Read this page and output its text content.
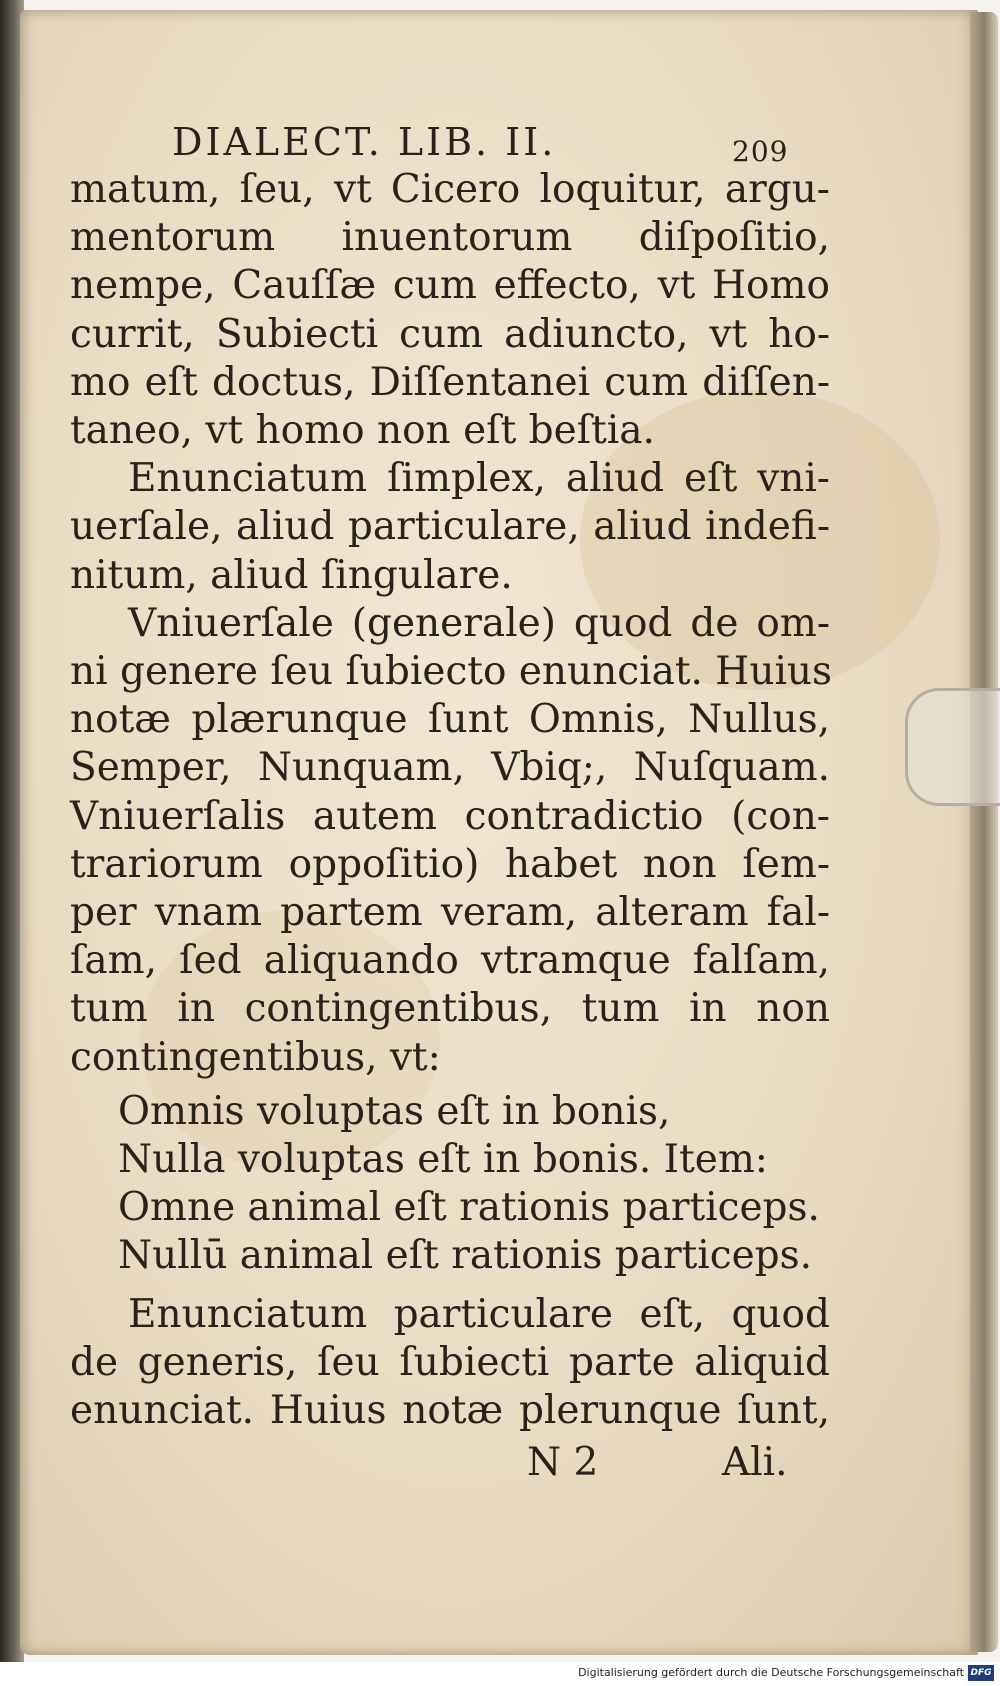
DIALECT. LIB. II.	209
matum, ſeu, vt Cicero loquitur, argu-
mentorum inuentorum diſpoſitio,
nempe, Cauſſæ cum effecto, vt Homo
currit, Subiecti cum adiuncto, vt ho-
mo eſt doctus, Diſſentanei cum diſſen-
taneo, vt homo non eſt beſtia.
Enunciatum ſimplex, aliud eſt vni-
uerſale, aliud particulare, aliud indefi-
nitum, aliud ſingulare.
Vniuerſale (generale) quod de om-
ni genere ſeu ſubiecto enunciat. Huius
notæ plærunque ſunt Omnis, Nullus,
Semper, Nunquam, Vbiq;, Nuſquam.
Vniuerſalis autem contradictio (con-
trariorum oppoſitio) habet non ſem-
per vnam partem veram, alteram fal-
ſam, ſed aliquando vtramque falſam,
tum in contingentibus, tum in non
contingentibus, vt:
Omnis voluptas eſt in bonis,
Nulla voluptas eſt in bonis. Item:
Omne animal eſt rationis particeps.
Nullū animal eſt rationis particeps.
Enunciatum particulare eſt, quod
de generis, ſeu ſubiecti parte aliquid
enunciat. Huius notæ plerunque ſunt,
N 2	Ali.
Digitalisierung gefördert durch die Deutsche Forschungsgemeinschaft DFG
